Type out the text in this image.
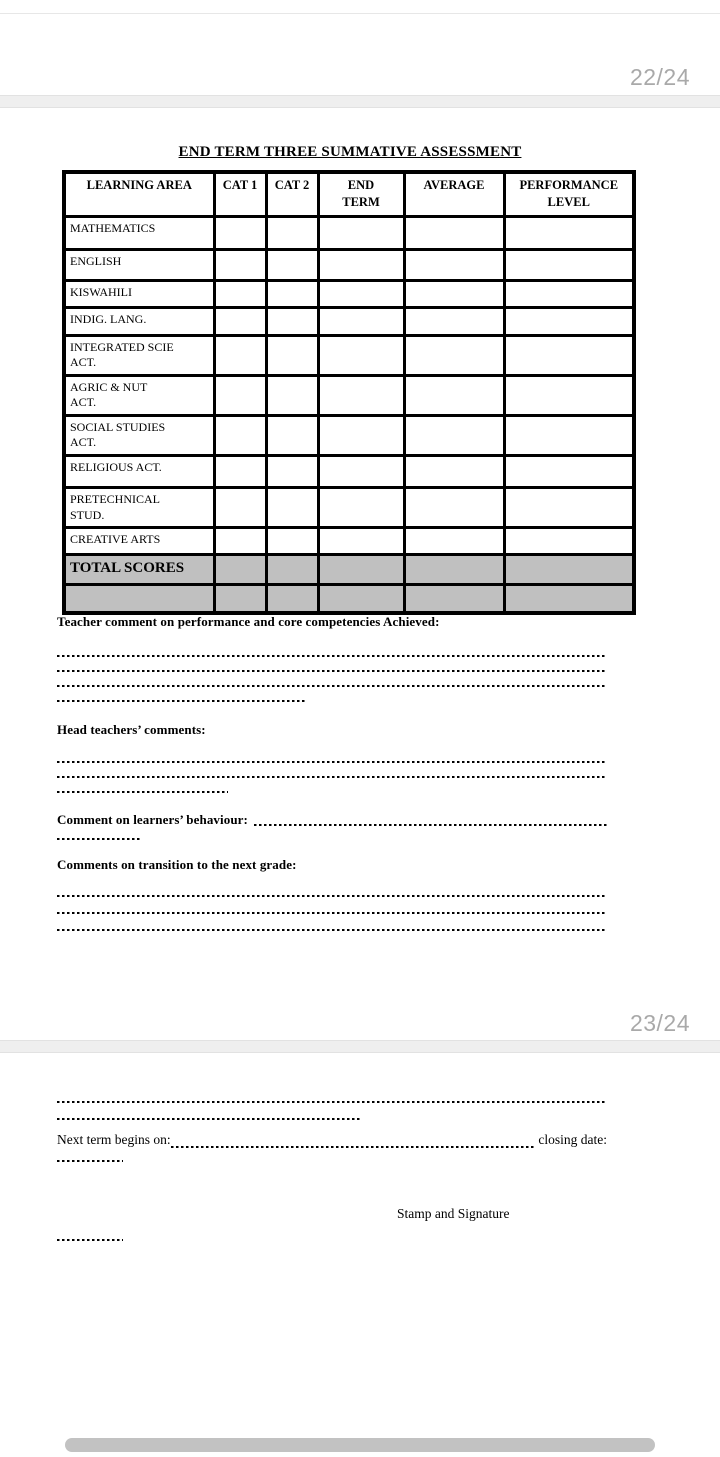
22/24
END TERM THREE SUMMATIVE ASSESSMENT
LEARNING AREA	CAT 1	CAT 2	END TERM	AVERAGE	PERFORMANCE LEVEL
MATHEMATICS					
ENGLISH					
KISWAHILI					
INDIG. LANG.					
INTEGRATED SCIE ACT.					
AGRIC & NUT ACT.					
SOCIAL STUDIES ACT.					
RELIGIOUS ACT.					
PRETECHNICAL STUD.					
CREATIVE ARTS					
TOTAL SCORES					

Teacher comment on performance and core competencies Achieved:
Head teachers’ comments:
Comment on learners’ behaviour:
Comments on transition to the next grade:
23/24
Next term begins on:	closing date:
Stamp and Signature
